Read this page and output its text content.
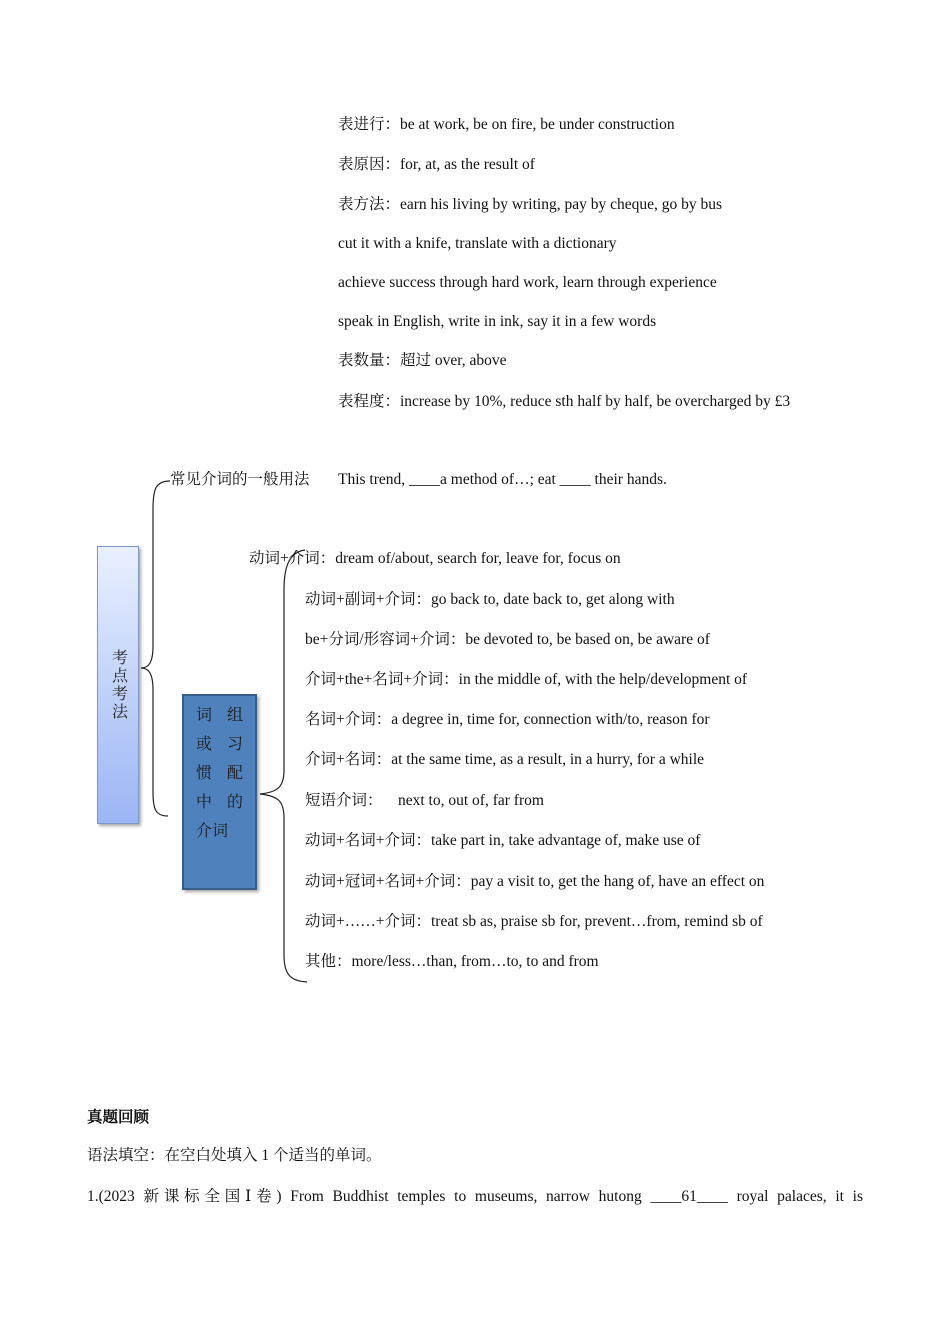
表进行：be at work, be on fire, be under construction
表原因：for, at, as the result of
表方法：earn his living by writing, pay by cheque, go by bus
cut it with a knife, translate with a dictionary
achieve success through hard work, learn through experience
speak in English, write in ink, say it in a few words
表数量：超过 over, above
表程度：increase by 10%, reduce sth half by half, be overcharged by £3
常见介词的一般用法 This trend, ____a method of…; eat ____ their hands.
考点考法	词 组
或 习
惯 配
中 的
介词
动词+介词：dream of/about, search for, leave for, focus on
动词+副词+介词：go back to, date back to, get along with
be+分词/形容词+介词：be devoted to, be based on, be aware of
介词+the+名词+介词：in the middle of, with the help/development of
名词+介词：a degree in, time for, connection with/to, reason for
介词+名词：at the same time, as a result, in a hurry, for a while
短语介词：    next to, out of, far from
动词+名词+介词：take part in, take advantage of, make use of
动词+冠词+名词+介词：pay a visit to, get the hang of, have an effect on
动词+……+介词：treat sb as, praise sb for, prevent…from, remind sb of
其他：more/less…than, from…to, to and from
真题回顾
语法填空：在空白处填入 1 个适当的单词。
1.(2023 新课标全国Ⅰ卷) From Buddhist temples to museums, narrow hutong ____61____ royal palaces, it is
